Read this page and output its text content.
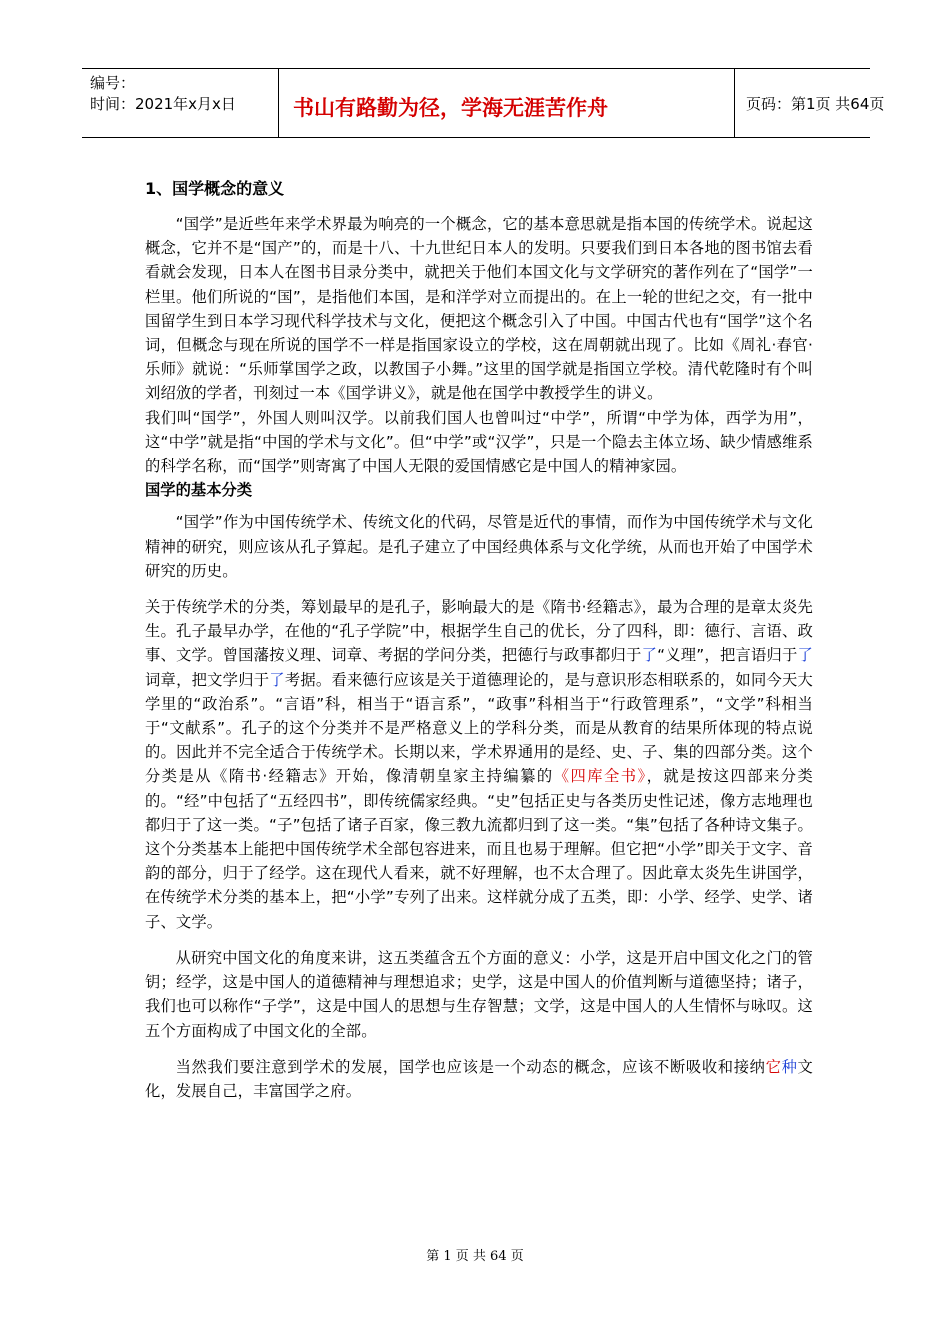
编号：
时间：2021年x月x日	书山有路勤为径，学海无涯苦作舟	页码：第1页 共64页
1、国学概念的意义

“国学”是近些年来学术界最为响亮的一个概念，它的基本意思就是指本国的传统学术。说起这概念，它并不是“国产”的，而是十八、十九世纪日本人的发明。只要我们到日本各地的图书馆去看看就会发现，日本人在图书目录分类中，就把关于他们本国文化与文学研究的著作列在了“国学”一栏里。他们所说的“国”，是指他们本国，是和洋学对立而提出的。在上一轮的世纪之交，有一批中国留学生到日本学习现代科学技术与文化，便把这个概念引入了中国。中国古代也有“国学”这个名词，但概念与现在所说的国学不一样是指国家设立的学校，这在周朝就出现了。比如《周礼·春官·乐师》就说：“乐师掌国学之政，以教国子小舞。”这里的国学就是指国立学校。清代乾隆时有个叫刘绍攽的学者，刊刻过一本《国学讲义》，就是他在国学中教授学生的讲义。

我们叫“国学”，外国人则叫汉学。以前我们国人也曾叫过“中学”，所谓“中学为体，西学为用”，这“中学”就是指“中国的学术与文化”。但“中学”或“汉学”，只是一个隐去主体立场、缺少情感维系的科学名称，而“国学”则寄寓了中国人无限的爱国情感它是中国人的精神家园。

国学的基本分类

“国学”作为中国传统学术、传统文化的代码，尽管是近代的事情，而作为中国传统学术与文化精神的研究，则应该从孔子算起。是孔子建立了中国经典体系与文化学统，从而也开始了中国学术研究的历史。

关于传统学术的分类，筹划最早的是孔子，影响最大的是《隋书·经籍志》，最为合理的是章太炎先生。孔子最早办学，在他的“孔子学院”中，根据学生自己的优长，分了四科，即：德行、言语、政事、文学。曾国藩按义理、词章、考据的学问分类，把德行与政事都归于了“义理”，把言语归于了词章，把文学归于了考据。看来德行应该是关于道德理论的，是与意识形态相联系的，如同今天大学里的“政治系”。“言语”科，相当于“语言系”，“政事”科相当于“行政管理系”，“文学”科相当于“文献系”。孔子的这个分类并不是严格意义上的学科分类，而是从教育的结果所体现的特点说的。因此并不完全适合于传统学术。长期以来，学术界通用的是经、史、子、集的四部分类。这个分类是从《隋书·经籍志》开始，像清朝皇家主持编纂的《四库全书》，就是按这四部来分类的。“经”中包括了“五经四书”，即传统儒家经典。“史”包括正史与各类历史性记述，像方志地理也都归于了这一类。“子”包括了诸子百家，像三教九流都归到了这一类。“集”包括了各种诗文集子。这个分类基本上能把中国传统学术全部包容进来，而且也易于理解。但它把“小学”即关于文字、音韵的部分，归于了经学。这在现代人看来，就不好理解，也不太合理了。因此章太炎先生讲国学，在传统学术分类的基本上，把“小学”专列了出来。这样就分成了五类，即：小学、经学、史学、诸子、文学。

从研究中国文化的角度来讲，这五类蕴含五个方面的意义：小学，这是开启中国文化之门的管钥；经学，这是中国人的道德精神与理想追求；史学，这是中国人的价值判断与道德坚持；诸子，我们也可以称作“子学”，这是中国人的思想与生存智慧；文学，这是中国人的人生情怀与咏叹。这五个方面构成了中国文化的全部。

当然我们要注意到学术的发展，国学也应该是一个动态的概念，应该不断吸收和接纳它种文化，发展自己，丰富国学之府。

第 1 页 共 64 页
